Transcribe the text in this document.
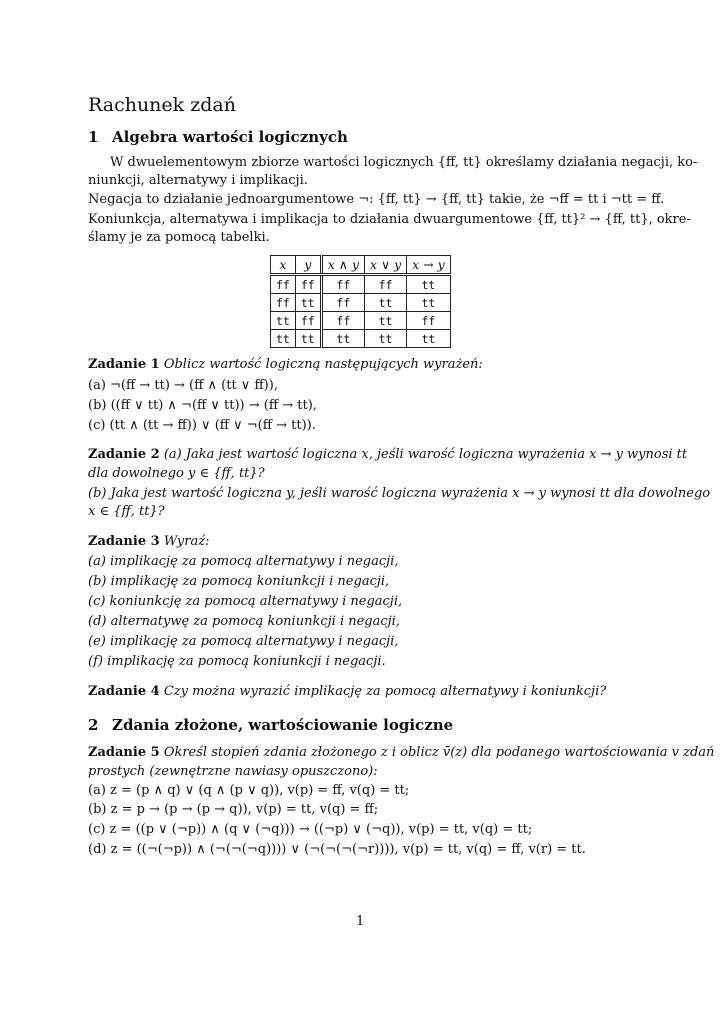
Rachunek zdań
1 Algebra wartości logicznych
W dwuelementowym zbiorze wartości logicznych {ff, tt} określamy działania negacji, ko-
niunkcji, alternatywy i implikacji.
Negacja to działanie jednoargumentowe ¬: {ff, tt} → {ff, tt} takie, że ¬ff = tt i ¬tt = ff.
Koniunkcja, alternatywa i implikacja to działania dwuargumentowe {ff, tt}² → {ff, tt}, okre-
ślamy je za pomocą tabelki.
x	y	x ∧ y	x ∨ y	x → y
ff	ff	ff	ff	tt
ff	tt	ff	tt	tt
tt	ff	ff	tt	ff
tt	tt	tt	tt	tt
Zadanie 1 Oblicz wartość logiczną następujących wyrażeń:
(a) ¬(ff → tt) → (ff ∧ (tt ∨ ff)),
(b) ((ff ∨ tt) ∧ ¬(ff ∨ tt)) → (ff → tt),
(c) (tt ∧ (tt → ff)) ∨ (ff ∨ ¬(ff → tt)).
Zadanie 2 (a) Jaka jest wartość logiczna x, jeśli warość logiczna wyrażenia x → y wynosi tt
dla dowolnego y ∈ {ff, tt}?
(b) Jaka jest wartość logiczna y, jeśli warość logiczna wyrażenia x → y wynosi tt dla dowolnego
x ∈ {ff, tt}?
Zadanie 3 Wyraź:
(a) implikację za pomocą alternatywy i negacji,
(b) implikację za pomocą koniunkcji i negacji,
(c) koniunkcję za pomocą alternatywy i negacji,
(d) alternatywę za pomocą koniunkcji i negacji,
(e) implikację za pomocą alternatywy i negacji,
(f) implikację za pomocą koniunkcji i negacji.
Zadanie 4 Czy można wyrazić implikację za pomocą alternatywy i koniunkcji?
2 Zdania złożone, wartościowanie logiczne
Zadanie 5 Określ stopień zdania złożonego z i oblicz v̄(z) dla podanego wartościowania v zdań
prostych (zewnętrzne nawiasy opuszczono):
(a) z = (p ∧ q) ∨ (q ∧ (p ∨ q)), v(p) = ff, v(q) = tt;
(b) z = p → (p → (p → q)), v(p) = tt, v(q) = ff;
(c) z = ((p ∨ (¬p)) ∧ (q ∨ (¬q))) → ((¬p) ∨ (¬q)), v(p) = tt, v(q) = tt;
(d) z = ((¬(¬p)) ∧ (¬(¬(¬q)))) ∨ (¬(¬(¬(¬r)))), v(p) = tt, v(q) = ff, v(r) = tt.
1
